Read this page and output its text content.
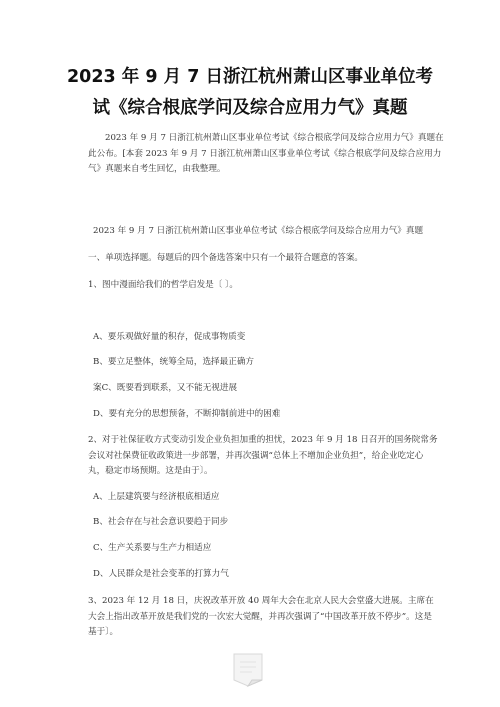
2023 年 9 月 7 日浙江杭州萧山区事业单位考
试《综合根底学问及综合应用力气》真题

2023 年 9 月 7 日浙江杭州萧山区事业单位考试《综合根底学问及综合应用力气》真题在此公布。[本套 2023 年 9 月 7 日浙江杭州萧山区事业单位考试《综合根底学问及综合应用力气》真题来自考生回忆，由我整理。

2023 年 9 月 7 日浙江杭州萧山区事业单位考试《综合根底学问及综合应用力气》真题

一、单项选择题。每题后的四个备选答案中只有一个最符合题意的答案。

1、图中漫面给我们的哲学启发是〔 〕。

A、要乐观做好量的积存，促成事物质变

B、要立足整体，统筹全局，选择最正确方

案C、既要看到联系，又不能无视进展

D、要有充分的思想预备，不断抑制前进中的困难

2、对于社保征收方式变动引发企业负担加重的担忧，2023 年 9 月 18 日召开的国务院常务会议对社保费征收政策进一步部署，并再次强调“总体上不增加企业负担”，给企业吃定心丸，稳定市场预期。这是由于〕。

A、上层建筑要与经济根底相适应

B、社会存在与社会意识要趋于同步

C、生产关系要与生产力相适应

D、人民群众是社会变革的打算力气

3、2023 年 12 月 18 日，庆祝改革开放 40 周年大会在北京人民大会堂盛大进展。主席在大会上指出改革开放是我们党的一次宏大觉醒，并再次强调了“中国改革开放不停步”。这是基于〕。
